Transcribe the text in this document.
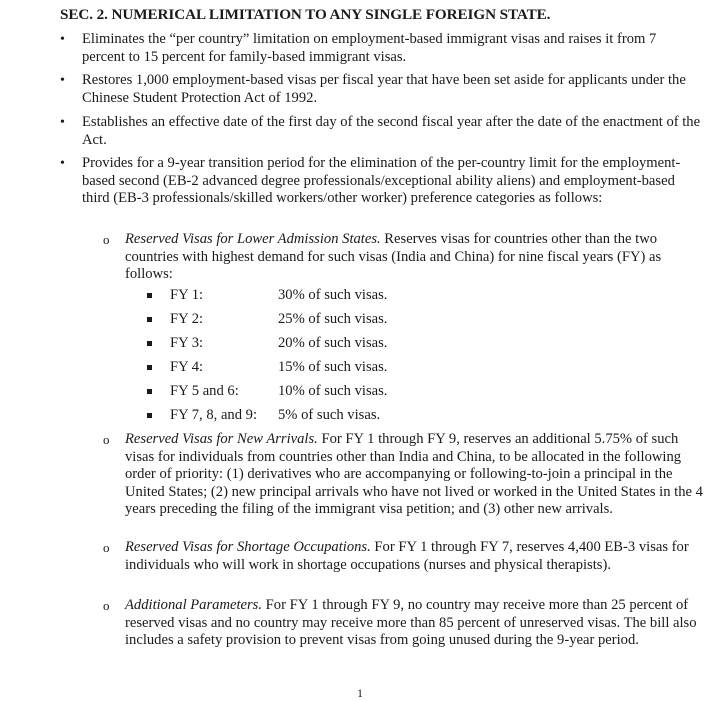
SEC. 2. NUMERICAL LIMITATION TO ANY SINGLE FOREIGN STATE.
• Eliminates the “per country” limitation on employment-based immigrant visas and raises it from 7 percent to 15 percent for family-based immigrant visas.
• Restores 1,000 employment-based visas per fiscal year that have been set aside for applicants under the Chinese Student Protection Act of 1992.
• Establishes an effective date of the first day of the second fiscal year after the date of the enactment of the Act.
• Provides for a 9-year transition period for the elimination of the per-country limit for the employment-based second (EB-2 advanced degree professionals/exceptional ability aliens) and employment-based third (EB-3 professionals/skilled workers/other worker) preference categories as follows:
o Reserved Visas for Lower Admission States. Reserves visas for countries other than the two countries with highest demand for such visas (India and China) for nine fiscal years (FY) as follows:
FY 1:	30% of such visas.
FY 2:	25% of such visas.
FY 3:	20% of such visas.
FY 4:	15% of such visas.
FY 5 and 6:	10% of such visas.
FY 7, 8, and 9: 5% of such visas.
o Reserved Visas for New Arrivals. For FY 1 through FY 9, reserves an additional 5.75% of such visas for individuals from countries other than India and China, to be allocated in the following order of priority: (1) derivatives who are accompanying or following-to-join a principal in the United States; (2) new principal arrivals who have not lived or worked in the United States in the 4 years preceding the filing of the immigrant visa petition; and (3) other new arrivals.
o Reserved Visas for Shortage Occupations. For FY 1 through FY 7, reserves 4,400 EB-3 visas for individuals who will work in shortage occupations (nurses and physical therapists).
o Additional Parameters. For FY 1 through FY 9, no country may receive more than 25 percent of reserved visas and no country may receive more than 85 percent of unreserved visas. The bill also includes a safety provision to prevent visas from going unused during the 9-year period.
1
